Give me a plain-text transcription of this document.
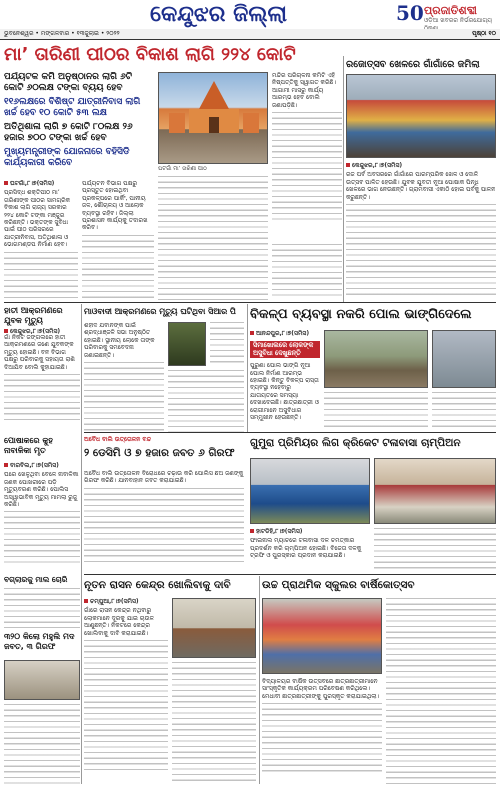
କେନ୍ଦୁଝର ଜିଲ୍ଲା	50 ପ୍ରଜାତିଶବ୍ଦୀ
ଓଡ଼ିଆ ଖବରର ନିର୍ଭରଯୋଗ୍ୟ
ଭୁବନେଶ୍ୱର • ମଙ୍ଗଳବାର • ୧୩ଜୁଲାଇ • ୨୦୨୨	ପୃଷ୍ଠା ୧୦
ମା’ ତାରିଣୀ ପୀଠର ବିକାଶ ଲାଗି ୨୨୪ କୋଟି
ପର୍ଯ୍ୟଟକ କମି ଅନୁଷ୍ଠାନର ଲାଗି ୬ଟି କୋଟି ୬୦ଲକ୍ଷ ଟଙ୍କା ବ୍ୟୟ ହେବ
୧୧୬ଲକ୍ଷରେ ବିଶିଷ୍ଟ ଯାତ୍ରୀନିବାସ ଲାଗି ଖର୍ଚ୍ଚ ହେବ ୧୦ କୋଟି ୫୩ ଲକ୍ଷ
ଅତିଥିଶାଳା ଲାଗି ୭ କୋଟି ୮୦ଲକ୍ଷ ୨୬ ହଜାର ୭୦୦ ଟଙ୍କା ଖର୍ଚ୍ଚ ହେବ
ମୁଖ୍ୟମନ୍ତ୍ରୀଙ୍କ ଯୋଜନାରେ ବହିସିଡି କାର୍ଯ୍ୟକାରୀ କରିବେ
ଘଟଗାଁ ମା’ ତାରିଣୀ ପୀଠ

ମନ୍ଦିର ପରିଚାଳନା କମିଟି ଏହି ନିଷ୍ପତ୍ତିକୁ ସ୍ୱାଗତ କରିଛି। ଆଗାମୀ ମାସରୁ କାର୍ଯ୍ୟ ଆରମ୍ଭ ହେବ ବୋଲି ଜଣାପଡ଼ିଛି।

ଘଟଗାଁ,୮।୭(ସମିସ)

ପ୍ରସିଦ୍ଧ ଶକ୍ତିପୀଠ ମା’ ତାରିଣୀଙ୍କ ପୀଠର ସାମଗ୍ରିକ ବିକାଶ ଲାଗି ରାଜ୍ୟ ସରକାର ୨୨୪ କୋଟି ଟଙ୍କା ମଞ୍ଜୁର କରିଛନ୍ତି। ଭକ୍ତଙ୍କ ସୁବିଧା ପାଇଁ ପୀଠ ପରିସରରେ ଯାତ୍ରୀନିବାସ, ଅତିଥିଶାଳା ଓ ଭୋଗମଣ୍ଡପ ନିର୍ମାଣ ହେବ।

ପର୍ଯ୍ୟଟନ ବିଭାଗ ପକ୍ଷରୁ ପ୍ରସ୍ତୁତ ହୋଇଥିବା ପ୍ରକଳ୍ପରେ ପାର୍କିଂ, ପାନୀୟ ଜଳ, ଶୌଚାଳୟ ଓ ଆଲୋକ ବ୍ୟବସ୍ଥା ରହିବ। ଜିଲ୍ଲା ପ୍ରଶାସନ କାର୍ଯ୍ୟକୁ ତଦାରଖ କରିବ।

ରଜୋତ୍ସବ ଖେଳରେ ଗାଁଗାଁରେ ଜମିଲା
କେନ୍ଦୁଝର,୮।୭(ସମିସ)

ରଜ ପର୍ବ ଅବସରରେ ଗାଁଗାଁରେ ପାରମ୍ପରିକ ଖେଳ ଓ ଦୋଳି ଉତ୍ସବ ପାଳିତ ହେଉଛି। ଯୁବକ ଯୁବତୀ ନୂଆ ପୋଷାକ ପିନ୍ଧି ଖେଳରେ ଭାଗ ନେଉଛନ୍ତି। ଗ୍ରାମବାସୀ ଏକାଠି ହୋଇ ପର୍ବକୁ ପାଳନ କରୁଛନ୍ତି।

ହାତୀ ଆକ୍ରମଣରେ ଯୁବକ ମୃତ୍ୟୁ
କେନ୍ଦୁଝର,୮।୭(ସମିସ)

ଗାଁ ନିକଟ ଜଙ୍ଗଲରେ ହାତୀ ଆକ୍ରମଣରେ ଜଣେ ଯୁବକଙ୍କ ମୃତ୍ୟୁ ହୋଇଛି। ବନ ବିଭାଗ ପକ୍ଷରୁ ପରିବାରକୁ ସହାୟତା ରାଶି ଦିଆଯିବ ବୋଲି କୁହାଯାଇଛି।

ପୋଷାକରେ କୁହ ନାବାଳିକା ମୃତ
ବାରବିଲ,୮।୭(ସମିସ)

ଘରେ ଖେଳୁଥିବା ବେଳେ ନାବାଳିକା ଜଣକ ପୋଖରୀରେ ପଡ଼ି ମୃତ୍ୟୁବରଣ କରିଛି। ପୋଲିସ ଅସ୍ୱାଭାବିକ ମୃତ୍ୟୁ ମାମଲା ରୁଜୁ କରିଛି।

ବଗ୍ଲାରକୁ ମାଲ ଚୋରି
ମାଓବାଦୀ ଆକ୍ରମଣରେ ମୃତ୍ୟୁ ଘଟିଥିବା ସିଆର ପି

ଶହୀଦ ଯବାନଙ୍କ ପାଇଁ ଶ୍ରଦ୍ଧାଞ୍ଜଳି ସଭା ଅନୁଷ୍ଠିତ ହୋଇଛି। ସ୍ଥାନୀୟ ଲୋକେ ତାଙ୍କ ପରିବାରକୁ ସମବେଦନା ଜଣାଇଛନ୍ତି।

ଅବୈଧ ବାଲି ଉତ୍ତୋଳନ ବନ୍ଦ
୨ ଡେସିମି ଓ ୭ ହଜାର ଜବତ ୬ ଗିରଫ

ଅବୈଧ ବାଲି ଉତ୍ତୋଳନ ବିରୋଧରେ ଚଢ଼ାଉ କରି ପୋଲିସ ଛଅ ଜଣଙ୍କୁ ଗିରଫ କରିଛି। ଯାନବାହାନ ଜବତ କରାଯାଇଛି।

ବିକଳ୍ପ ବ୍ୟବସ୍ଥା ନକରି ପୋଲ ଭାଙ୍ଗିଦେଲେ
ଆନନ୍ଦପୁର,୮।୭(ସମିସ)
ସିମାଖୋଲରେ ଲୋକଙ୍କ ଅସୁବିଧା ଦେଖୁଛନ୍ତି

ପୁରୁଣା ପୋଲ ଭାଙ୍ଗି ନୂଆ ପୋଲ ନିର୍ମାଣ ଆରମ୍ଭ ହୋଇଛି। କିନ୍ତୁ ବିକଳ୍ପ ରାସ୍ତା ବ୍ୟବସ୍ଥା ନହେବାରୁ ଯାତାୟତରେ ସମସ୍ୟା ଦେଖାଦେଇଛି। ଛାତ୍ରଛାତ୍ରୀ ଓ ରୋଗୀମାନେ ଅସୁବିଧାର ସମ୍ମୁଖୀନ ହେଉଛନ୍ତି।

ଗୁମୁରା ପ୍ରିମିୟର ଲିଗ କ୍ରିକେଟ ଟଳାବାସା ଚାମ୍ପିଅନ
ହାଟଡିହି,୮।୭(ସମିସ)

ଫାଇନାଲ ମ୍ୟାଚରେ ଟଳାବାସା ଦଳ ଚମତ୍କାର ପ୍ରଦର୍ଶନ କରି ଚାମ୍ପିଅନ ହୋଇଛି। ବିଜେତା ଦଳକୁ ଟ୍ରଫି ଓ ପୁରସ୍କାର ପ୍ରଦାନ କରାଯାଇଛି।

ନୂତନ ରାସନ କେନ୍ଦ୍ର ଖୋଲିବାକୁ ଦାବି	ଉଚ୍ଚ ପ୍ରାଥମିକ ସ୍କୁଲର ବାର୍ଷିକୋତ୍ସବ
ଚମ୍ପୁଆ,୮।୭(ସମିସ)

ଗାଁରେ ରାସନ କେନ୍ଦ୍ର ନଥିବାରୁ ଲୋକମାନେ ଦୂରକୁ ଯାଇ ଚାଉଳ ଆଣୁଛନ୍ତି। ନିକଟରେ କେନ୍ଦ୍ର ଖୋଲିବାକୁ ଦାବି କରାଯାଇଛି।

ବିଦ୍ୟାଳୟର ବାର୍ଷିକ ଉତ୍ସବରେ ଛାତ୍ରଛାତ୍ରୀମାନେ ସାଂସ୍କୃତିକ କାର୍ଯ୍ୟକ୍ରମ ପରିବେଷଣ କରିଥିଲେ। ମେଧାବୀ ଛାତ୍ରଛାତ୍ରୀଙ୍କୁ ପୁରସ୍କୃତ କରାଯାଇଥିଲା।

୩୨୦ କିଲୋ ମହୁଲି ମଦ ଜବତ, ୩ ଗିରଫ
